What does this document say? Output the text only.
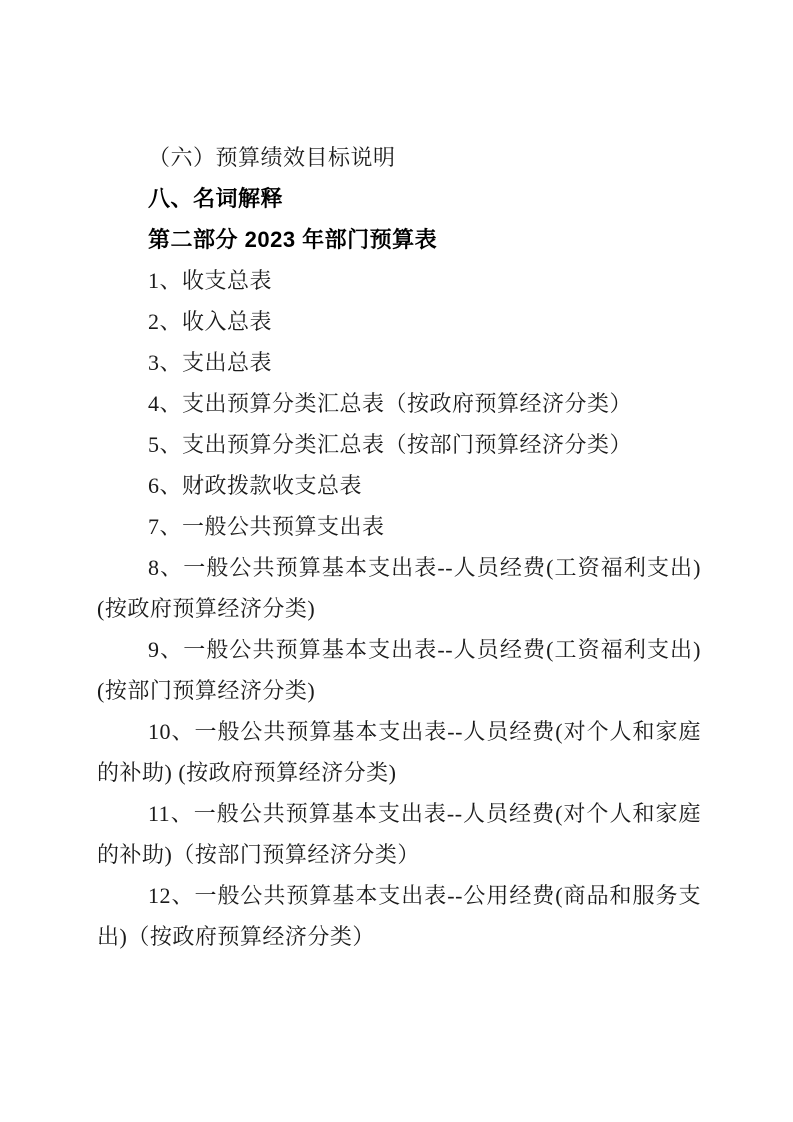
（六）预算绩效目标说明

八、名词解释

第二部分 2023 年部门预算表

1、收支总表

2、收入总表

3、支出总表

4、支出预算分类汇总表（按政府预算经济分类）

5、支出预算分类汇总表（按部门预算经济分类）

6、财政拨款收支总表

7、一般公共预算支出表

8、一般公共预算基本支出表--人员经费(工资福利支出) (按政府预算经济分类)

9、一般公共预算基本支出表--人员经费(工资福利支出) (按部门预算经济分类)

10、一般公共预算基本支出表--人员经费(对个人和家庭的补助) (按政府预算经济分类)

11、一般公共预算基本支出表--人员经费(对个人和家庭的补助)（按部门预算经济分类）

12、一般公共预算基本支出表--公用经费(商品和服务支出)（按政府预算经济分类）
